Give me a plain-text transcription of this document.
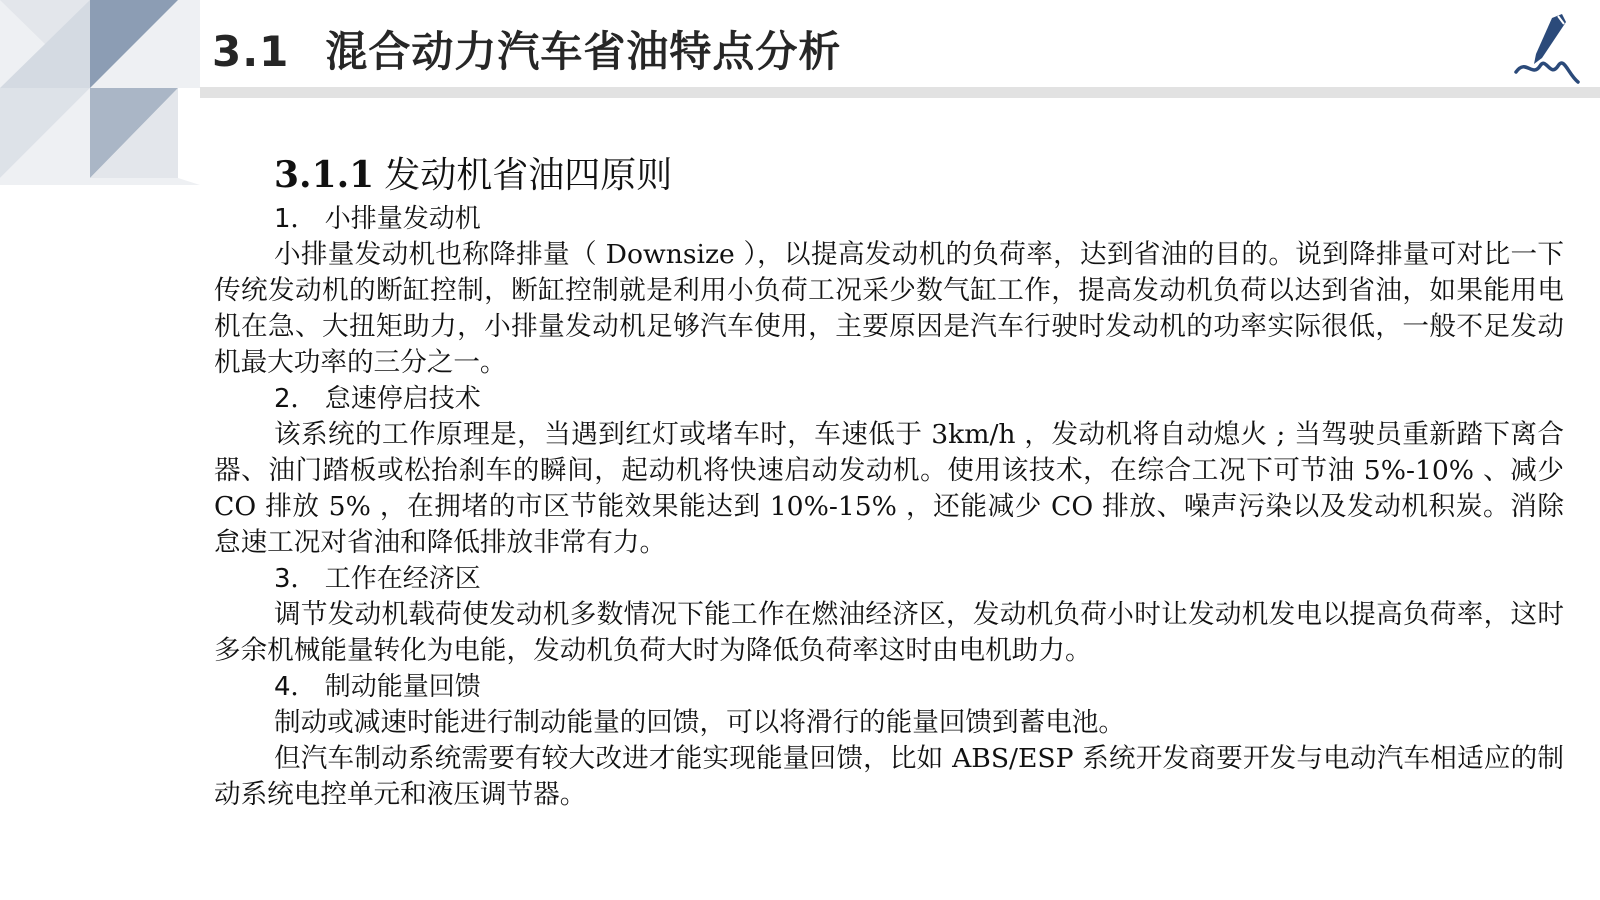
3.1 混合动力汽车省油特点分析
3.1.1 发动机省油四原则
1． 小排量发动机

小排量发动机也称降排量（ Downsize ），以提高发动机的负荷率，达到省油的目的。说到降排量可对比一下传统发动机的断缸控制，断缸控制就是利用小负荷工况采少数气缸工作，提高发动机负荷以达到省油，如果能用电机在急、大扭矩助力，小排量发动机足够汽车使用，主要原因是汽车行驶时发动机的功率实际很低，一般不足发动机最大功率的三分之一。

2． 怠速停启技术

该系统的工作原理是，当遇到红灯或堵车时，车速低于 3km/h ，发动机将自动熄火 ; 当驾驶员重新踏下离合器、油门踏板或松抬刹车的瞬间，起动机将快速启动发动机。使用该技术，在综合工况下可节油 5%-10% 、减少 CO 排放 5% ，在拥堵的市区节能效果能达到 10%-15% ，还能减少 CO 排放、噪声污染以及发动机积炭。消除怠速工况对省油和降低排放非常有力。

3． 工作在经济区

调节发动机载荷使发动机多数情况下能工作在燃油经济区，发动机负荷小时让发动机发电以提高负荷率，这时多余机械能量转化为电能，发动机负荷大时为降低负荷率这时由电机助力。

4． 制动能量回馈

制动或减速时能进行制动能量的回馈，可以将滑行的能量回馈到蓄电池。

但汽车制动系统需要有较大改进才能实现能量回馈，比如 ABS/ESP 系统开发商要开发与电动汽车相适应的制动系统电控单元和液压调节器。
